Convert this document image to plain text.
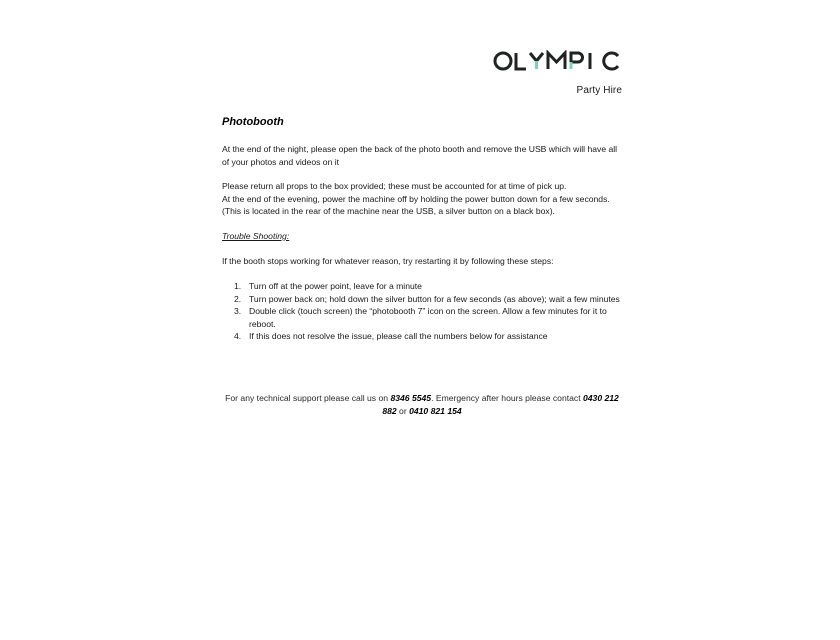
Party Hire
Photobooth
At the end of the night, please open the back of the photo booth and remove the USB which will have all of your photos and videos on it
Please return all props to the box provided; these must be accounted for at time of pick up.
At the end of the evening, power the machine off by holding the power button down for a few seconds. (This is located in the rear of the machine near the USB, a silver button on a black box).
Trouble Shooting:
If the booth stops working for whatever reason, try restarting it by following these steps:
1. Turn off at the power point, leave for a minute
2. Turn power back on; hold down the silver button for a few seconds (as above); wait a few minutes
3. Double click (touch screen) the “photobooth 7” icon on the screen. Allow a few minutes for it to reboot.
4. If this does not resolve the issue, please call the numbers below for assistance
For any technical support please call us on 8346 5545. Emergency after hours please contact 0430 212 882 or 0410 821 154
